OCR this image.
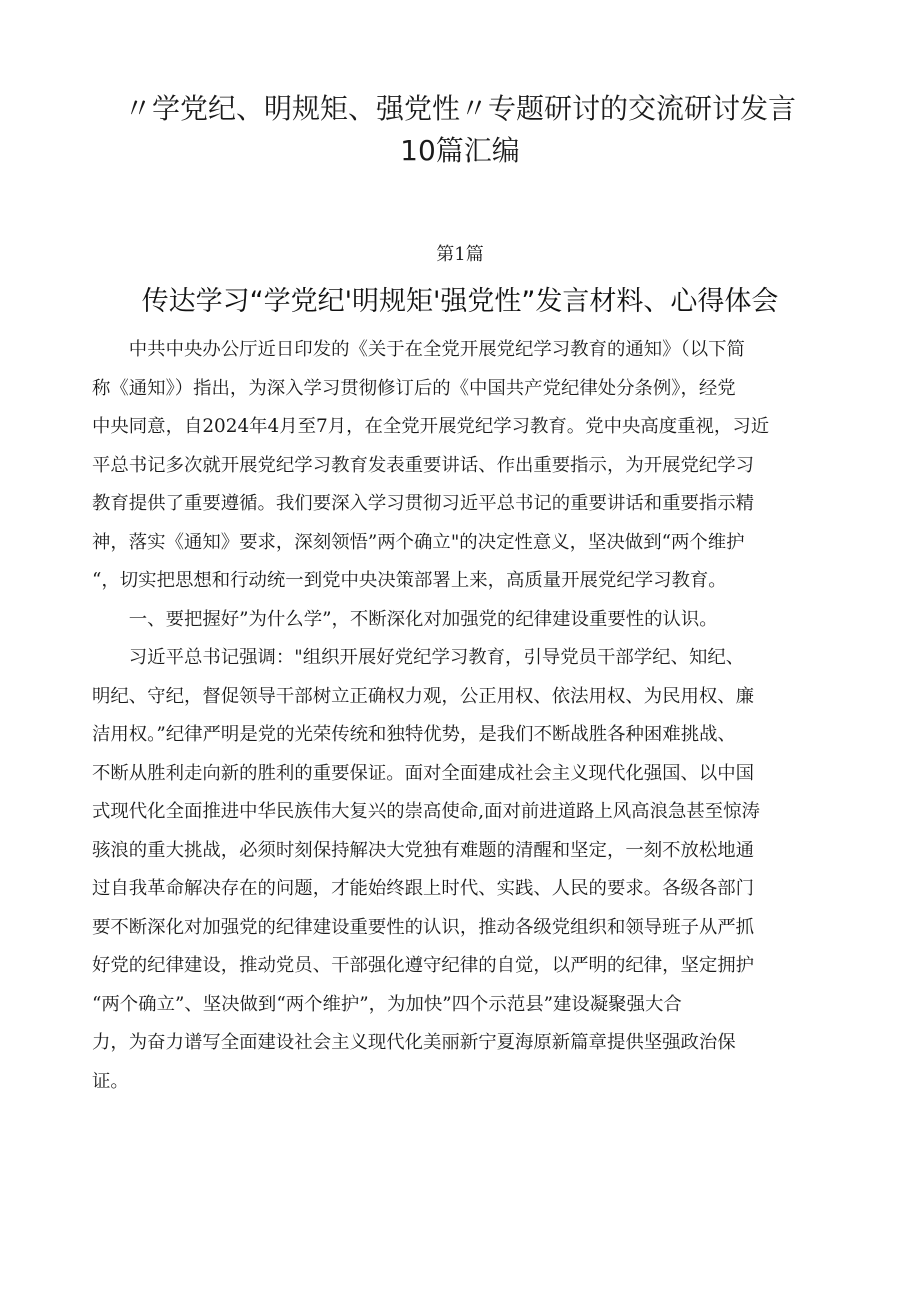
〃学党纪、明规矩、强党性〃专题研讨的交流研讨发言
10篇汇编
第1篇
传达学习“学党纪'明规矩'强党性”发言材料、心得体会
　　中共中央办公厅近日印发的《关于在全党开展党纪学习教育的通知》（以下简
称《通知》）指出，为深入学习贯彻修订后的《中国共产党纪律处分条例》，经党
中央同意，自2024年4月至7月，在全党开展党纪学习教育。党中央高度重视，习近
平总书记多次就开展党纪学习教育发表重要讲话、作出重要指示，为开展党纪学习
教育提供了重要遵循。我们要深入学习贯彻习近平总书记的重要讲话和重要指示精
神，落实《通知》要求，深刻领悟”两个确立"的决定性意义，坚决做到“两个维护
“，切实把思想和行动统一到党中央决策部署上来，高质量开展党纪学习教育。
　　一、要把握好”为什么学”，不断深化对加强党的纪律建设重要性的认识。
　　习近平总书记强调："组织开展好党纪学习教育，引导党员干部学纪、知纪、
明纪、守纪，督促领导干部树立正确权力观，公正用权、依法用权、为民用权、廉
洁用权。”纪律严明是党的光荣传统和独特优势，是我们不断战胜各种困难挑战、
不断从胜利走向新的胜利的重要保证。面对全面建成社会主义现代化强国、以中国
式现代化全面推进中华民族伟大复兴的崇高使命,面对前进道路上风高浪急甚至惊涛
骇浪的重大挑战，必须时刻保持解决大党独有难题的清醒和坚定，一刻不放松地通
过自我革命解决存在的问题，才能始终跟上时代、实践、人民的要求。各级各部门
要不断深化对加强党的纪律建设重要性的认识，推动各级党组织和领导班子从严抓
好党的纪律建设，推动党员、干部强化遵守纪律的自觉，以严明的纪律，坚定拥护
“两个确立”、坚决做到“两个维护”，为加快”四个示范县”建设凝聚强大合
力，为奋力谱写全面建设社会主义现代化美丽新宁夏海原新篇章提供坚强政治保
证。
